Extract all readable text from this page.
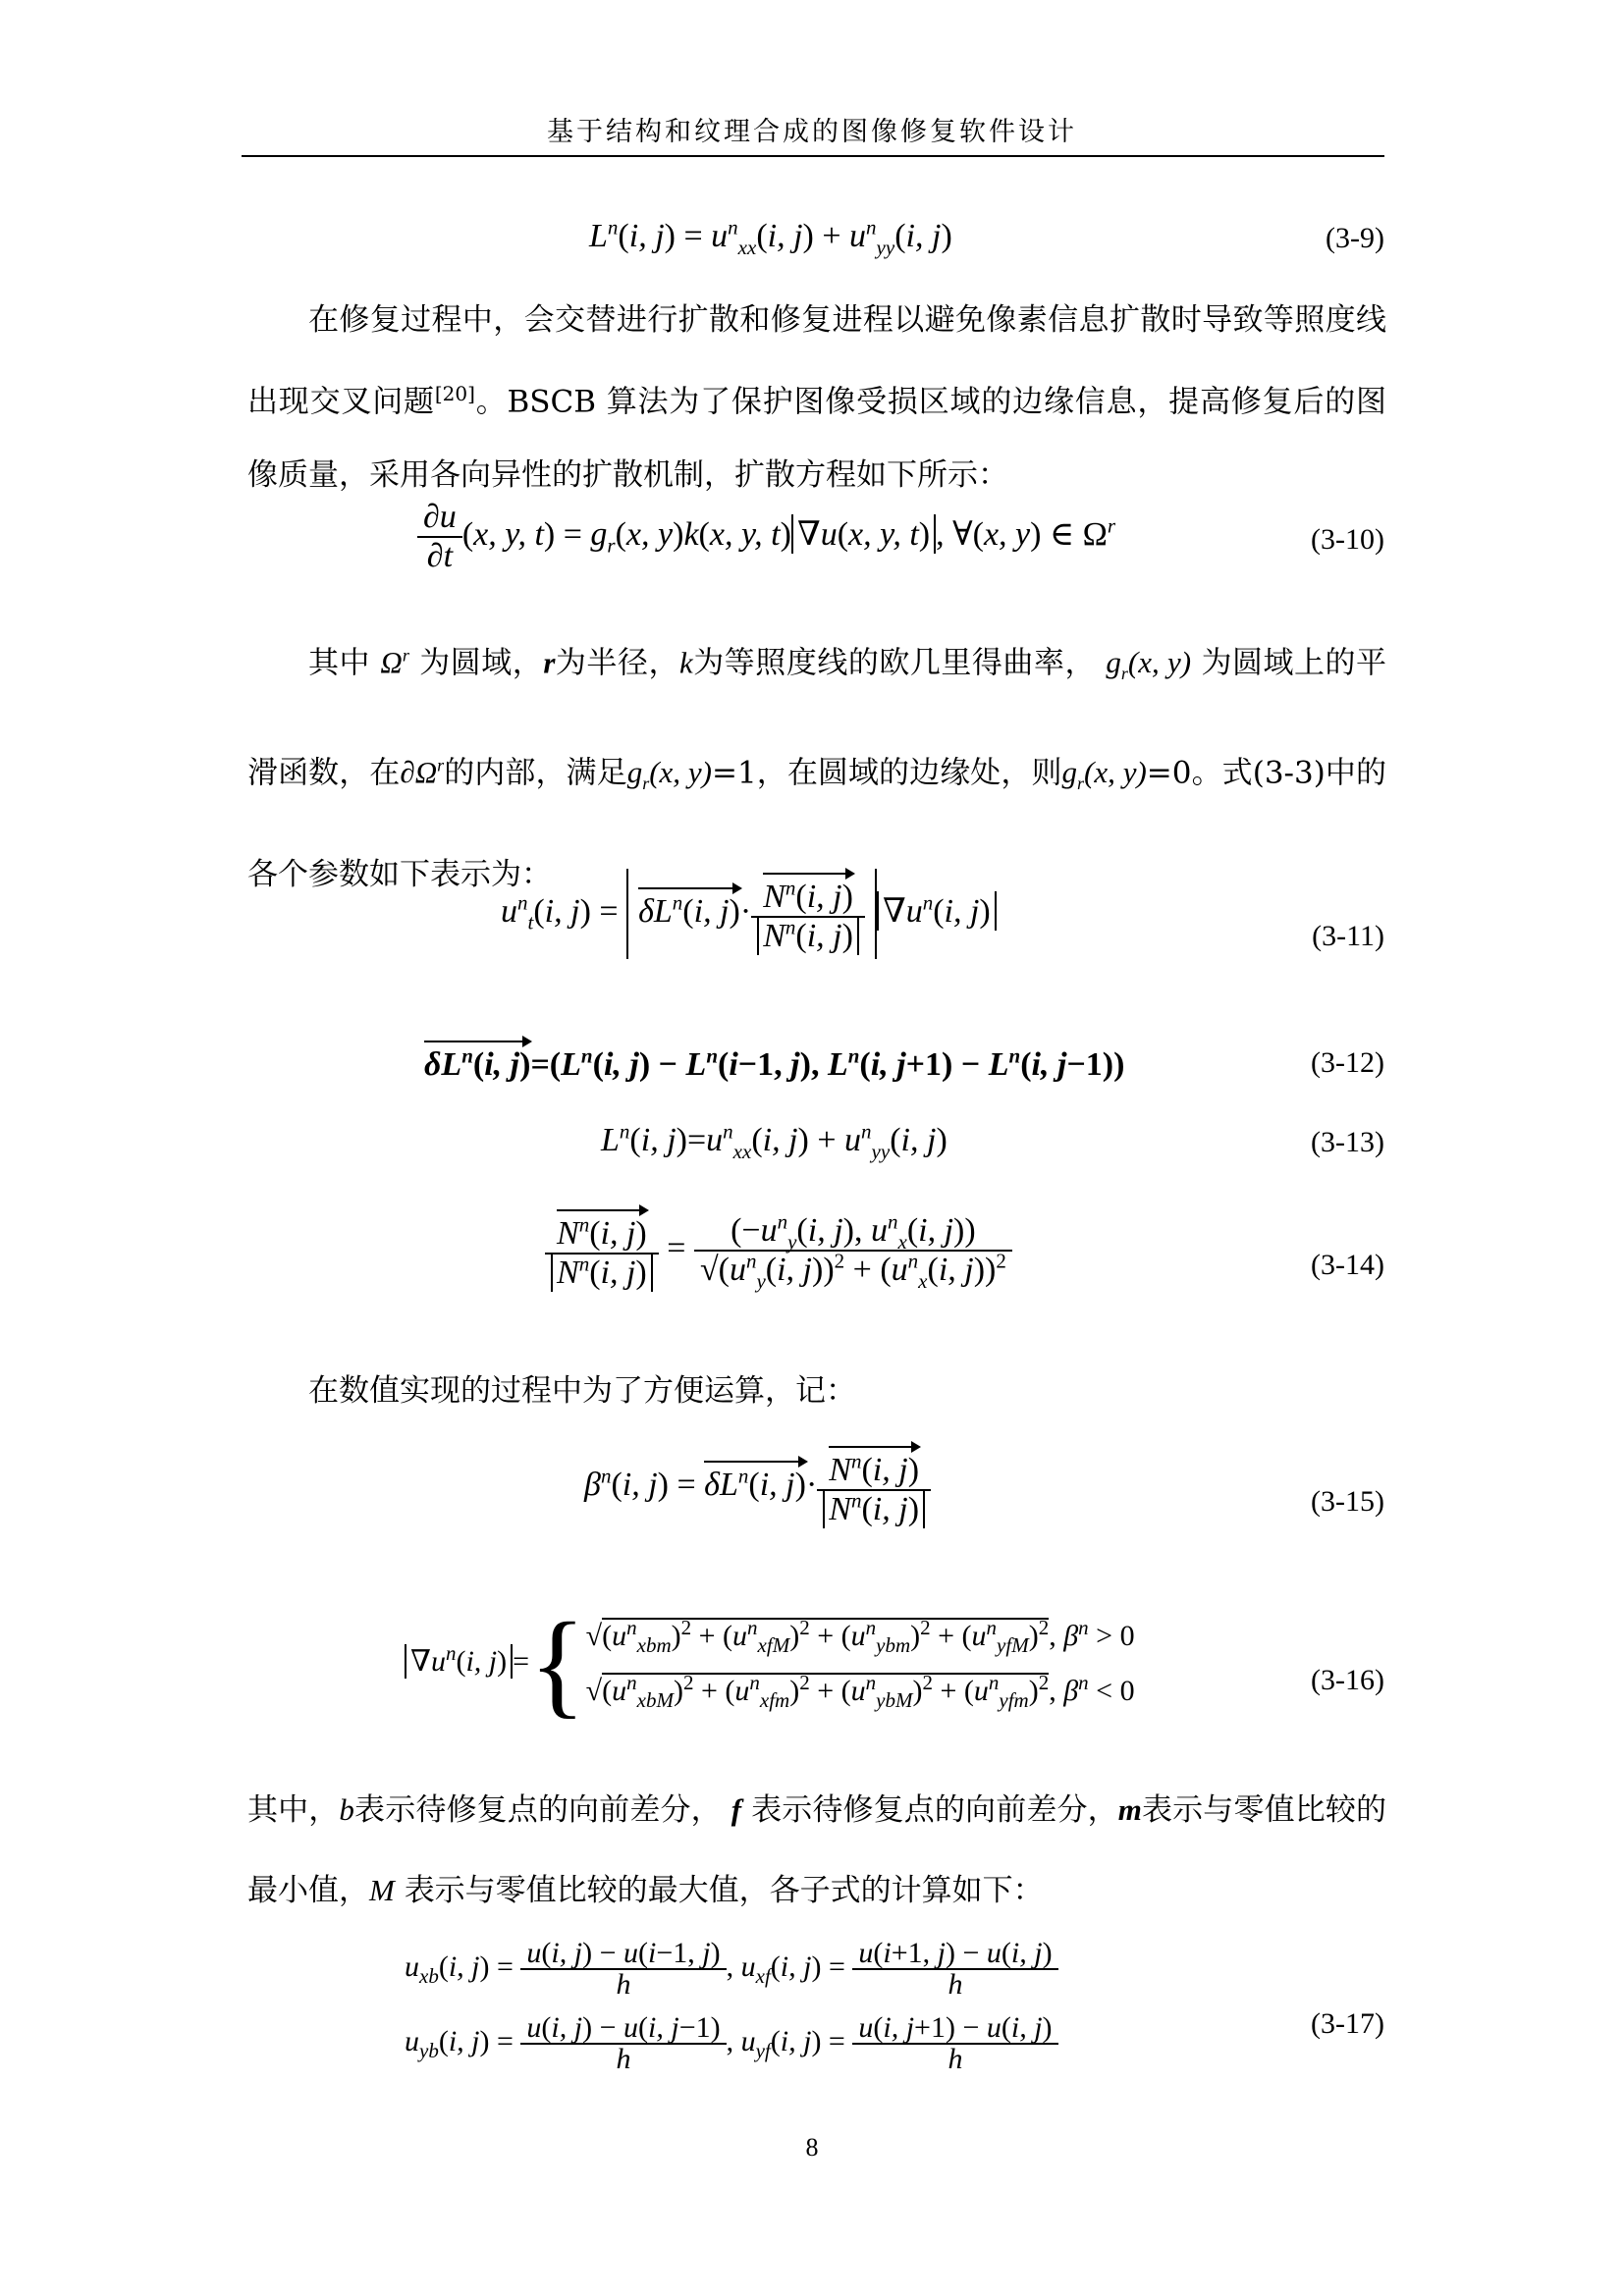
基于结构和纹理合成的图像修复软件设计
$L^n(i$, $j) = u^n_{xx}(i$, $j) + u^n_{yy}(i$, j)	(3-9)
在修复过程中，会交替进行扩散和修复进程以避免像素信息扩散时导致等照度线出现交叉问题[20]。BSCB 算法为了保护图像受损区域的边缘信息，提高修复后的图像质量，采用各向异性的扩散机制，扩散方程如下所示：
$\frac{\partial u}{\partial t} (x$, y, $t) = g_r(x$, y)k(x, y, t) ∇u(x, y, t) , ∀(x, y) ∈ $\Omega^r$	(3-10)
其中 $\Omega^r$ 为圆域，r为半径，k为等照度线的欧几里得曲率， $g_r(x$, y) 为圆域上的平滑函数，在$\partial\Omega^r$的内部，满足$g_r(x$, y)=1，在圆域的边缘处，则$g_r(x$, y)=0。式(3-3)中的各个参数如下表示为：
$u^n_t(i$, $j) = \delta L^n(i$, $j)\cdot \frac{N^n(i, j)}{N^n(i, j)} \nabla u^n(i$, j)
(3-11)
$\delta L^n(i$, $j)=(L^n(i$, $j) - L^n(i-1$, j), $L^n(i$, $j+1) - L^n(i$, j−1))	(3-12)
$L^n(i$, $j)=u^n_{xx}(i$, $j) + u^n_{yy}(i$, j)	(3-13)
$\frac{N^n(i, j)}{N^n(i, j)} = \frac{(-u^n_y(i, j), u^n_x(i, j))}{√(u^n_y(i, j))^2 + (u^n_x(i, j))^2}$	(3-14)
在数值实现的过程中为了方便运算，记：
$\beta^n(i$, $j) = \delta L^n(i$, $j)\cdot \frac{N^n(i, j)}{N^n(i, j)}$	(3-15)
$\nabla u^n(i$, j) ={ $√(u^n_{xbm})^2 + (u^n_{xfM})^2 + (u^n_{ybm})^2 + (u^n_{yfM})^2$, $\beta^n > 0$
$√(u^n_{xbM})^2 + (u^n_{xfm})^2 + (u^n_{ybM})^2 + (u^n_{yfm})^2$, $\beta^n < 0$	(3-16)
其中，b表示待修复点的向前差分， f 表示待修复点的向前差分，m表示与零值比较的最小值，M 表示与零值比较的最大值，各子式的计算如下：
$u_{xb}(i$, $j) = \frac{u(i, j) - u(i-1, j)}{h}$ , $u_{xf}(i$, $j) = \frac{u(i+1, j) - u(i, j)}{h}$
$u_{yb}(i$, $j) = \frac{u(i, j) - u(i, j-1)}{h}$ , $u_{yf}(i$, $j) = \frac{u(i, j+1) - u(i, j)}{h}$	(3-17)
8
